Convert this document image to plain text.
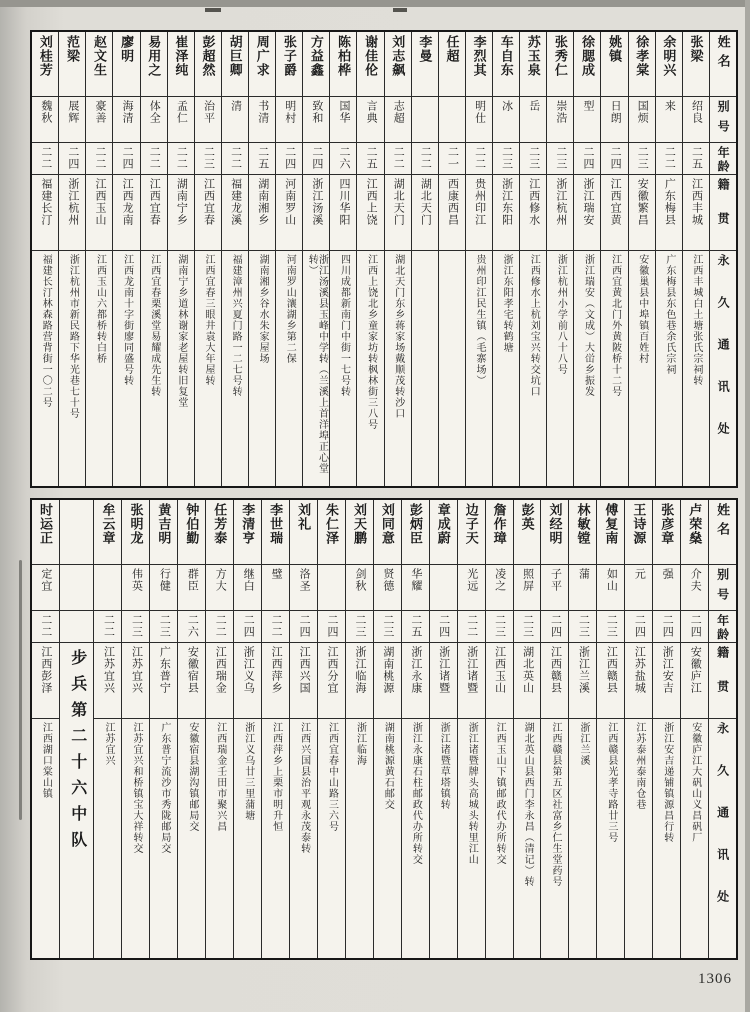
姓名
别号
年龄
籍贯
永久通讯处
张梁
绍良
二五
江西丰城
江西丰城白土塘张氏宗祠转
余明兴
来
二二
广东梅县
广东梅县东色巷余氏宗祠
徐孝棠
国烦
二三
安徽繁昌
安徽巢县中埠镇百姓村
姚镇
日朗
二四
江西宜黄
江西宜黄北门外黄陂桥十二号
徐腮成
型
二四
浙江瑞安
浙江瑞安（文成）大峃乡振发
张秀仁
崇浩
二三
浙江杭州
浙江杭州小学前八十八号
苏玉泉
岳
二三
江西修水
江西修水上杭刘宝兴转交坑口
车自东
冰
二三
浙江东阳
浙江东阳孝宅转鹤塘
李烈其
明仕
二二
贵州印江
贵州印江民生镇（毛寨场）
任超
二一
西康西昌
李曼
二二
湖北天门
刘志飙
志超
二二
湖北天门
湖北天门东乡蒋家场戴顺茂转沙口
谢佳伦
言典
二五
江西上饶
江西上饶北乡童家坊转枫林街三八号
陈柏桦
国华
二六
四川华阳
四川成都新南门中街一七号转
方益鑫
致和
二四
浙江汤溪
浙江汤溪县玉峰中学转（兰溪上首洋埠正心堂转）
张子爵
明村
二四
河南罗山
河南罗山瀼湖乡第二保
周广求
书清
二五
湖南湘乡
湖南湘乡谷水朱家屋场
胡巨卿
清
二二
福建龙溪
福建漳州兴夏门路一二七号转
彭超然
治平
二三
江西宜春
江西宜春三眼井袁大年屋转
崔泽纯
孟仁
二二
湖南宁乡
湖南宁乡道林谢家老屋转旧复堂
易用之
体全
二二
江西宜春
江西宜春栗溪堂易耀成先生转
廖明
海清
二四
江西龙南
江西龙南十字街廖同盛号转
赵文生
豪善
二二
江西玉山
江西玉山六都桥转白桥
范梁
展辉
二四
浙江杭州
浙江杭州市新民路下华光巷七十号
刘桂芳
魏秋
二二
福建长汀
福建长汀林森路营背街一〇二号
姓名
别号
年龄
籍贯
永久通讯处
卢荣燊
介夫
二四
安徽庐江
安徽庐江大矾山义昌矾厂
张彦章
强
二四
浙江安吉
浙江安吉递铺镇源昌行转
王诗源
元
二四
江苏盐城
江苏泰州泰南仓巷
傅复南
如山
二三
江西赣县
江西赣县光孝寺路廿三号
林敏镗
蒲
二三
浙江兰溪
浙江兰溪
刘经明
子平
二四
江西赣县
江西赣县第五区社富乡仁生堂药号
彭英
照屏
二三
湖北英山
湖北英山县西门李永昌（清记）转
詹作璋
凌之
二三
江西玉山
江西玉山下镇邮政代办所转交
边子天
光远
二二
浙江诸暨
浙江诸暨牌头高城头转里江山
章成蔚
二四
浙江诸暨
浙江诸暨草塔镇转
彭炳臣
华耀
二五
浙江永康
浙江永康石柱邮政代办所转交
刘同意
贤德
二三
湖南桃源
湖南桃源黄石邮交
刘天鹏
剑秋
二三
浙江临海
浙江临海
朱仁泽
二四
江西分宜
江西宜春中山路三六号
刘礼
洛圣
二四
江西兴国
江西兴国县治平观永茂泰转
李世瑞
璧
二二
江西萍乡
江西萍乡上栗市明升恒
李清亨
继白
二四
浙江义乌
浙江义乌廿三里蒲塘
任芳泰
方大
二二
江西瑞金
江西瑞金壬田市聚兴昌
钟伯勤
群臣
二六
安徽宿县
安徽宿县湖沟镇邮局交
黄吉明
行健
二三
广东普宁
广东普宁流沙市秀陇邮局交
张明龙
伟英
二三
江苏宜兴
江苏宜兴和桥镇宝大祥转交
牟云章
二二
江苏宜兴
江苏宜兴
步兵第二十六中队
时运正
定宜
二二
江西彭泽
江西湖口棠山镇
1306
